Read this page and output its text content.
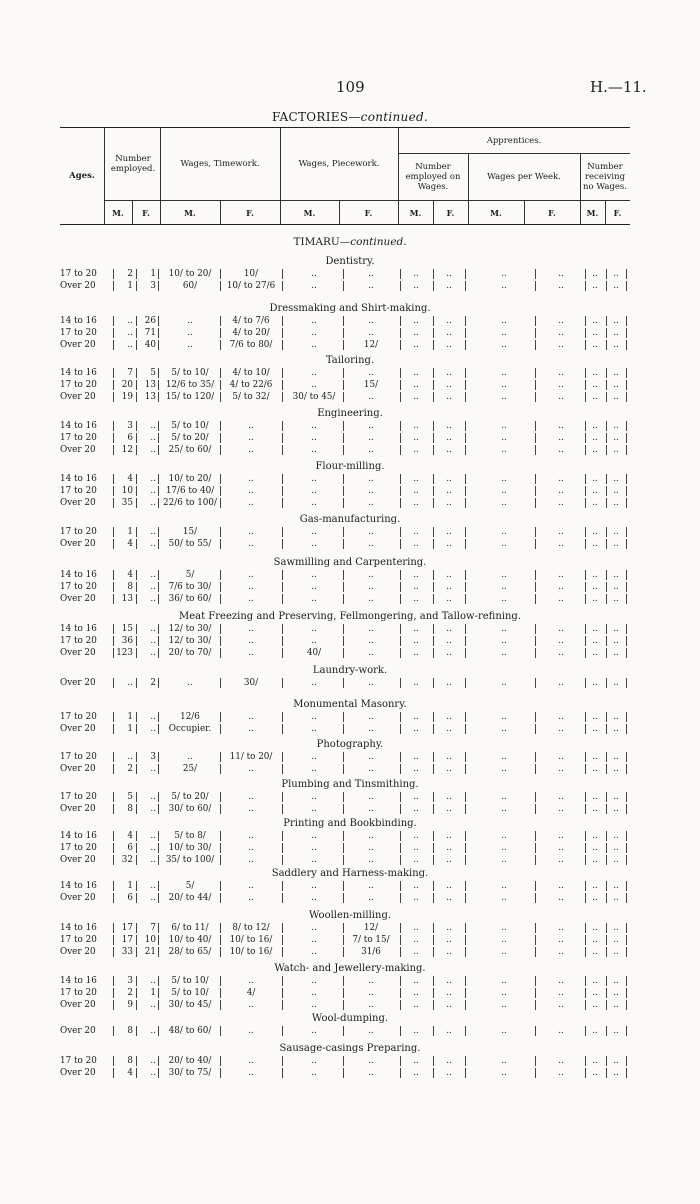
109	H.—11.
FACTORIES—continued.
Ages.
Number employed.	Wages, Timework.	Wages, Piecework.
Apprentices.
Number employed on Wages.
Wages per Week.
Number receiving no Wages.
M.	F.	M.	F.	M.	F.	M.	F.	M.	F.	M.	F.
TIMARU—continued.
Dentistry.
17 to 20	2	1	10/ to 20/	10/	..	..	..	..	..	..	..	..
Over 20	1	3	60/	10/ to 27/6	..	..	..	..	..	..	..	..
Dressmaking and Shirt-making.
14 to 16	..	26	..	4/ to 7/6	..	..	..	..	..	..	..	..
17 to 20	..	71	..	4/ to 20/	..	..	..	..	..	..	..	..
Over 20	..	40	..	7/6 to 80/	..	12/	..	..	..	..	..	..
Tailoring.
14 to 16	7	5	5/ to 10/	4/ to 10/	..	..	..	..	..	..	..	..
17 to 20	20	13	12/6 to 35/	4/ to 22/6	..	15/	..	..	..	..	..	..
Over 20	19	13	15/ to 120/	5/ to 32/	30/ to 45/	..	..	..	..	..	..	..
Engineering.
14 to 16	3	..	5/ to 10/	..	..	..	..	..	..	..	..	..
17 to 20	6	..	5/ to 20/	..	..	..	..	..	..	..	..	..
Over 20	12	..	25/ to 60/	..	..	..	..	..	..	..	..	..
Flour-milling.
14 to 16	4	..	10/ to 20/	..	..	..	..	..	..	..	..	..
17 to 20	10	..	17/6 to 40/	..	..	..	..	..	..	..	..	..
Over 20	35	.. 22/6 to 100/	..	..	..	..	..	..	..	..	..
Gas-manufacturing.
17 to 20	1	..	15/	..	..	..	..	..	..	..	..	..
Over 20	4	..	50/ to 55/	..	..	..	..	..	..	..	..	..
Sawmilling and Carpentering.
14 to 16	4	..	5/	..	..	..	..	..	..	..	..	..
17 to 20	8	..	7/6 to 30/	..	..	..	..	..	..	..	..	..
Over 20	13	..	36/ to 60/	..	..	..	..	..	..	..	..	..
Meat Freezing and Preserving, Fellmongering, and Tallow-refining.
14 to 16	15	..	12/ to 30/	..	..	..	..	..	..	..	..	..
17 to 20	36	..	12/ to 30/	..	..	..	..	..	..	..	..	..
Over 20	123	..	20/ to 70/	..	40/	..	..	..	..	..	..	..
Laundry-work.
Over 20	..	2	..	30/	..	..	..	..	..	..	..	..
Monumental Masonry.
17 to 20	1	..	12/6	..	..	..	..	..	..	..	..	..
Over 20	1	..	Occupier.	..	..	..	..	..	..	..	..	..
Photography.
17 to 20	..	3	..	11/ to 20/	..	..	..	..	..	..	..	..
Over 20	2	..	25/	..	..	..	..	..	..	..	..	..
Plumbing and Tinsmithing.
17 to 20	5	..	5/ to 20/	..	..	..	..	..	..	..	..	..
Over 20	8	..	30/ to 60/	..	..	..	..	..	..	..	..	..
Printing and Bookbinding.
14 to 16	4	..	5/ to 8/	..	..	..	..	..	..	..	..	..
17 to 20	6	..	10/ to 30/	..	..	..	..	..	..	..	..	..
Over 20	32	..	35/ to 100/	..	..	..	..	..	..	..	..	..
Saddlery and Harness-making.
14 to 16	1	..	5/	..	..	..	..	..	..	..	..	..
Over 20	6	..	20/ to 44/	..	..	..	..	..	..	..	..	..
Woollen-milling.
14 to 16	17	7	6/ to 11/	8/ to 12/	..	12/	..	..	..	..	..	..
17 to 20	17	10	10/ to 40/	10/ to 16/	..	7/ to 15/	..	..	..	..	..	..
Over 20	33	21	28/ to 65/	10/ to 16/	..	31/6	..	..	..	..	..	..
Watch- and Jewellery-making.
14 to 16	3	..	5/ to 10/	..	..	..	..	..	..	..	..	..
17 to 20	2	1	5/ to 10/	4/	..	..	..	..	..	..	..	..
Over 20	9	..	30/ to 45/	..	..	..	..	..	..	..	..	..
Wool-dumping.
Over 20	8	..	48/ to 60/	..	..	..	..	..	..	..	..	..
Sausage-casings Preparing.
17 to 20	8	..	20/ to 40/	..	..	..	..	..	..	..	..	..
Over 20	4	..	30/ to 75/	..	..	..	..	..	..	..	..	..
